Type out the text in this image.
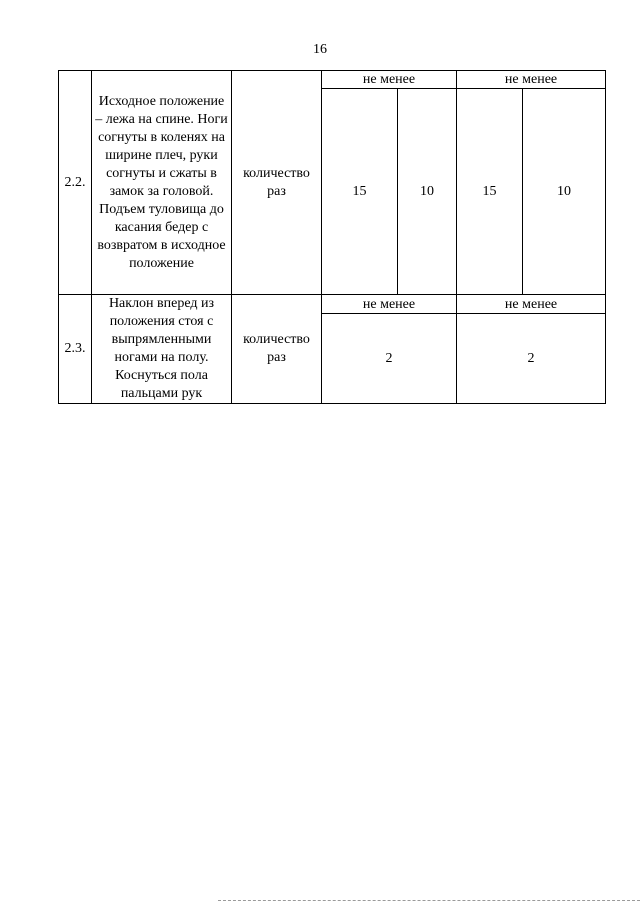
16
2.2.	Исходное положение – лежа на спине. Ноги согнуты в коленях на ширине плеч, руки согнуты и сжаты в замок за головой. Подъем туловища до касания бедер с возвратом в исходное положение	количество раз	не менее		не менее	
			15	10	15	10
2.3.	Наклон вперед из положения стоя с выпрямленными ногами на полу. Коснуться пола пальцами рук	количество раз	не менее		не менее	
			2		2	
